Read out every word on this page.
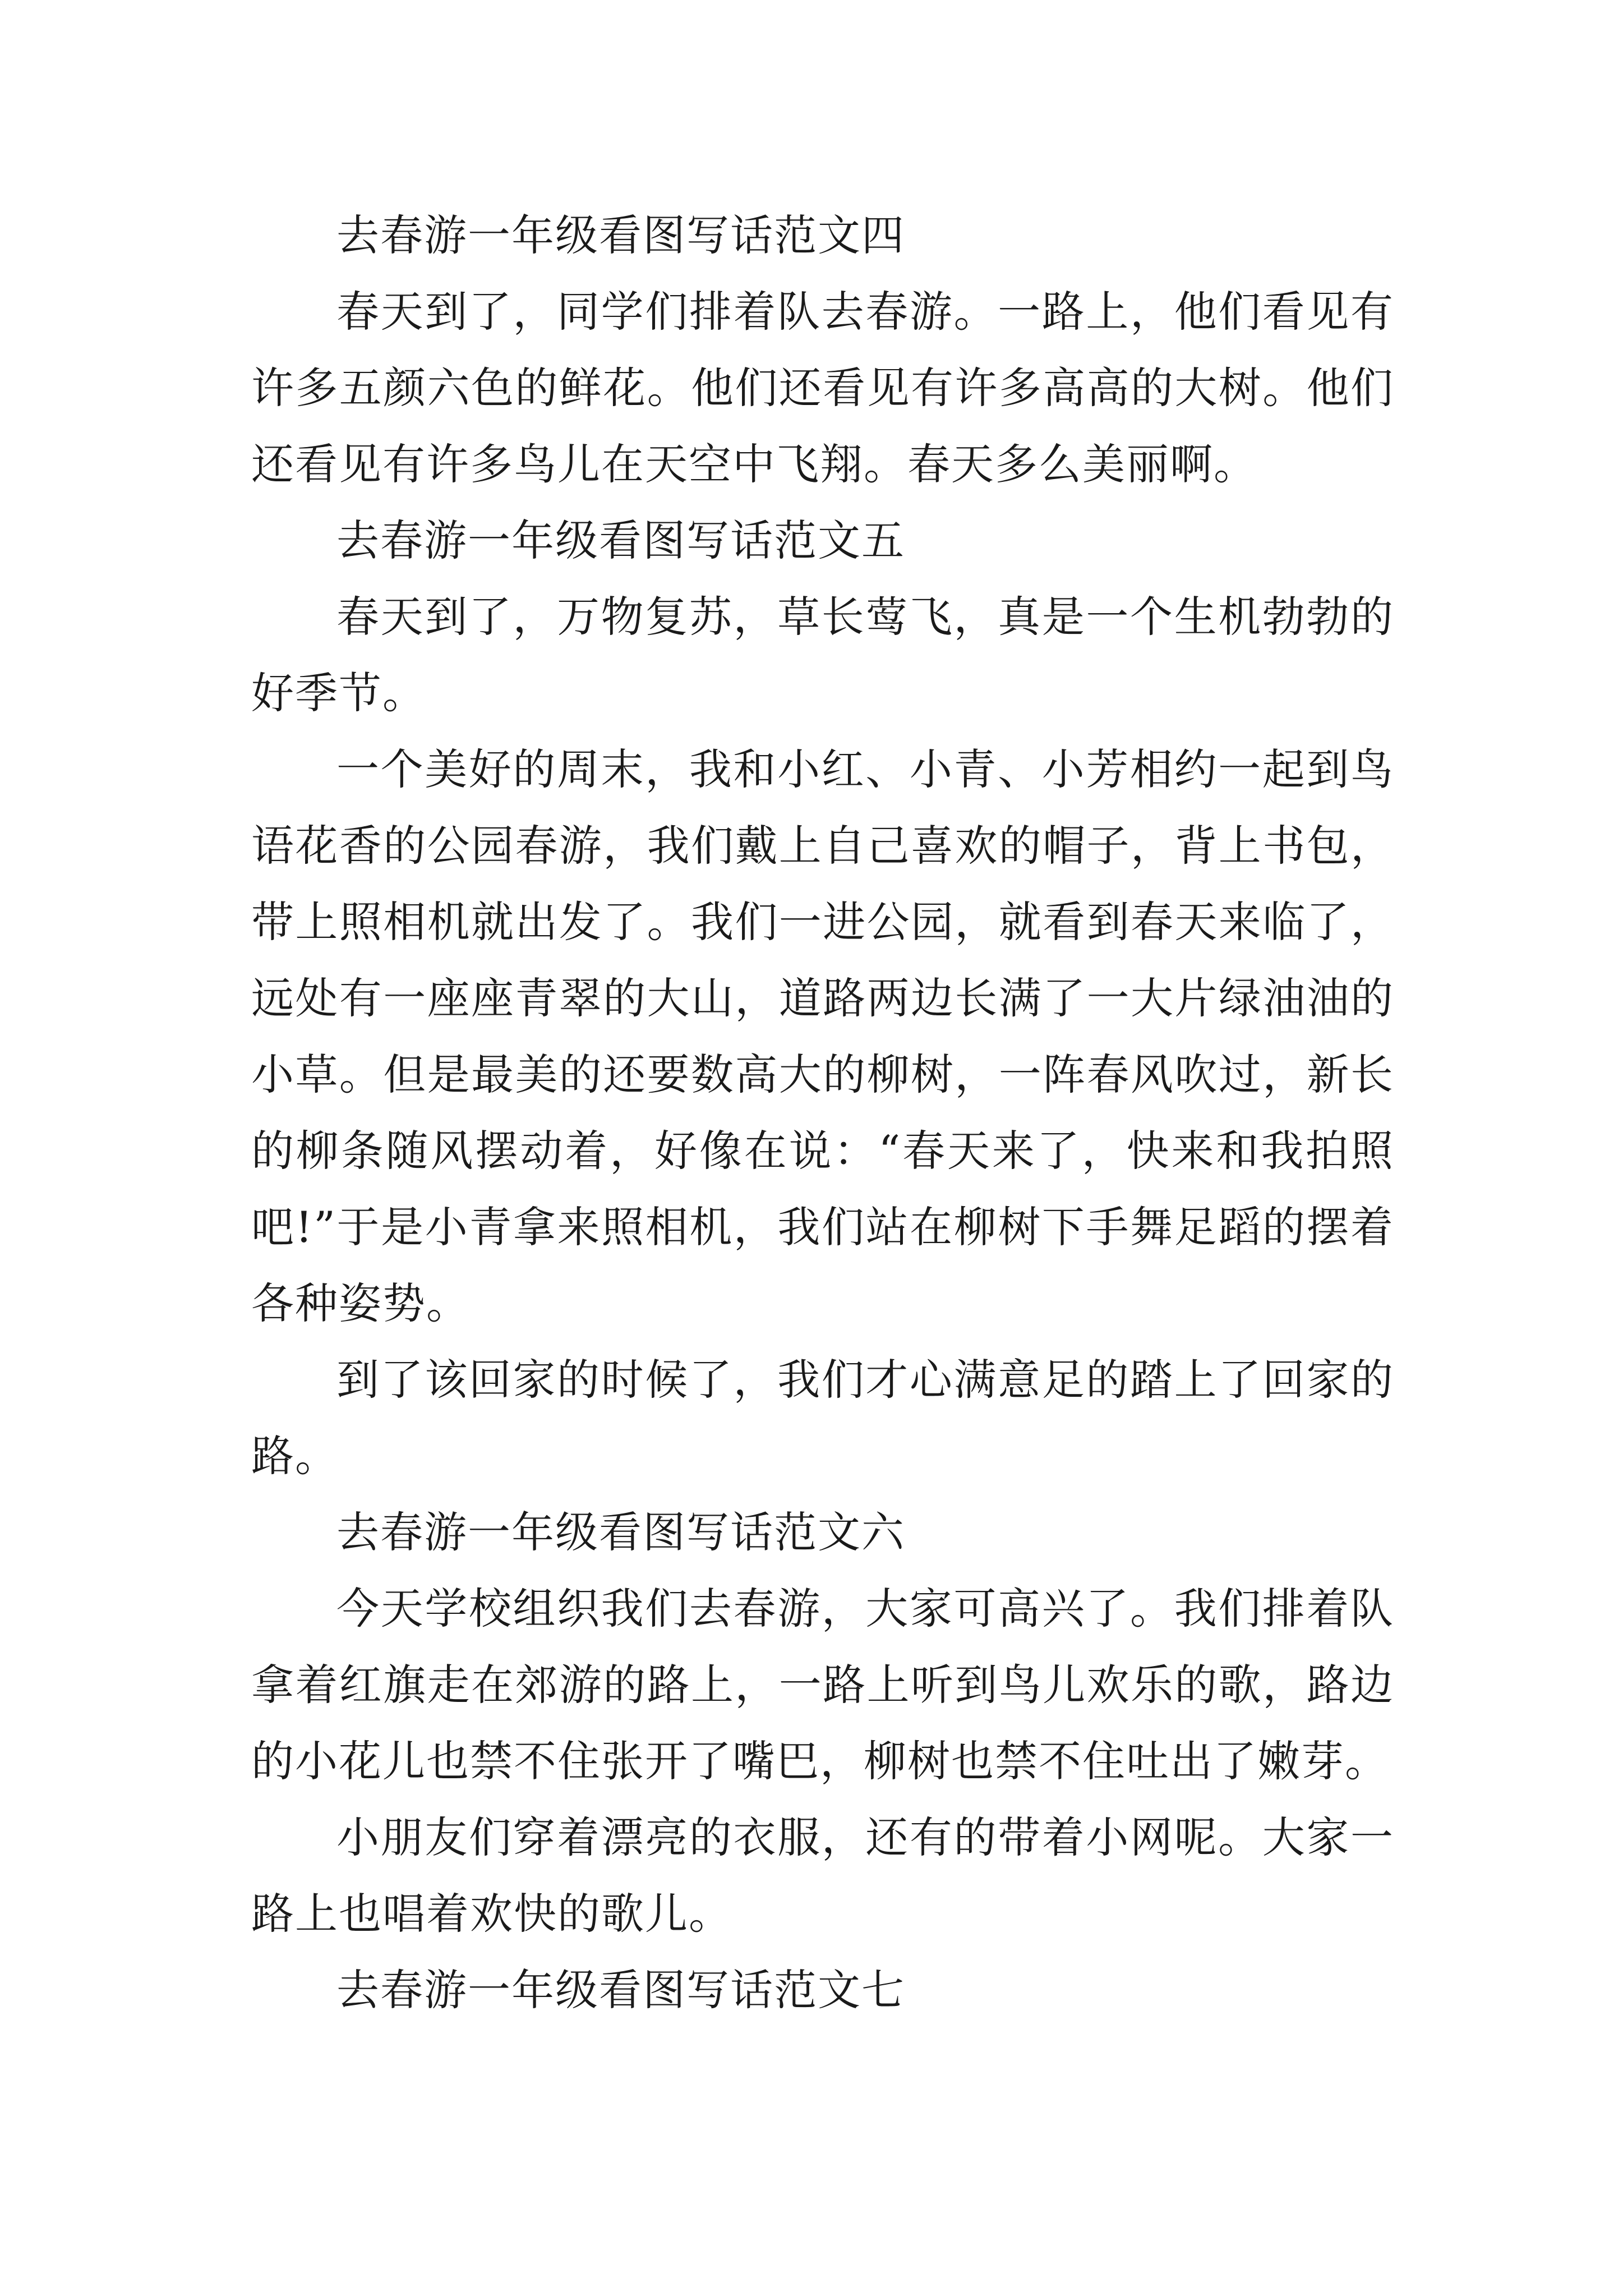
去春游一年级看图写话范文四

春天到了，同学们排着队去春游。一路上，他们看见有许多五颜六色的鲜花。他们还看见有许多高高的大树。他们还看见有许多鸟儿在天空中飞翔。春天多么美丽啊。

去春游一年级看图写话范文五

春天到了，万物复苏，草长莺飞，真是一个生机勃勃的好季节。

一个美好的周末，我和小红、小青、小芳相约一起到鸟语花香的公园春游，我们戴上自己喜欢的帽子，背上书包，带上照相机就出发了。我们一进公园，就看到春天来临了，远处有一座座青翠的大山，道路两边长满了一大片绿油油的小草。但是最美的还要数高大的柳树，一阵春风吹过，新长的柳条随风摆动着，好像在说：“春天来了，快来和我拍照吧!”于是小青拿来照相机，我们站在柳树下手舞足蹈的摆着各种姿势。

到了该回家的时候了，我们才心满意足的踏上了回家的路。

去春游一年级看图写话范文六

今天学校组织我们去春游，大家可高兴了。我们排着队拿着红旗走在郊游的路上，一路上听到鸟儿欢乐的歌，路边的小花儿也禁不住张开了嘴巴，柳树也禁不住吐出了嫩芽。

小朋友们穿着漂亮的衣服，还有的带着小网呢。大家一路上也唱着欢快的歌儿。

去春游一年级看图写话范文七
